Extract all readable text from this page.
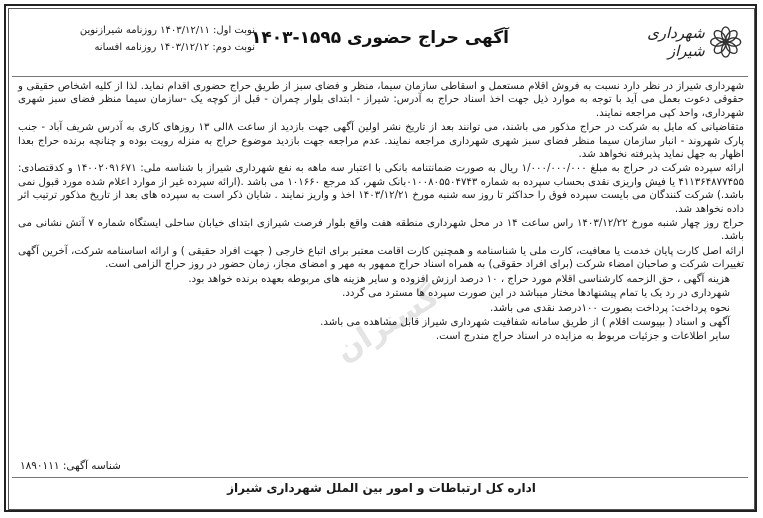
نوبت اول: ۱۴۰۳/۱۲/۱۱ روزنامه شیرازنوین
نوبت دوم: ۱۴۰۳/۱۲/۱۲ روزنامه افسانه	آگهی حراج حضوری ۱۵۹۵-۱۴۰۳	شهرداری شیراز
گستران

شهرداری شیراز در نظر دارد نسبت به فروش اقلام مستعمل و اسقاطی سازمان سیما، منظر و فضای سبز از طریق حراج حضوری اقدام نماید. لذا از کلیه اشخاص حقیقی و حقوقی دعوت بعمل می آید با توجه به موارد ذیل جهت اخذ اسناد حراج به آدرس: شیراز - ابتدای بلوار چمران - قبل از کوچه یک -سازمان سیما منظر فضای سبز شهری شهرداری، واحد کپی مراجعه نمایند.

متقاضیانی که مایل به شرکت در حراج مذکور می باشند، می توانند بعد از تاریخ نشر اولین آگهی جهت بازدید از ساعت ۸الی ۱۳ روزهای کاری به آدرس شریف آباد - جنب پارک شهروند - انبار سازمان سیما منظر فضای سبز شهری شهرداری مراجعه نمایند. عدم مراجعه جهت بازدید موضوع حراج به منزله رویت بوده و چنانچه برنده حراج بعدا اظهار به جهل نماید پذیرفته نخواهد شد.

ارائه سپرده شرکت در حراج به مبلغ ۱/۰۰۰/۰۰۰/۰۰۰ ریال به صورت ضمانتنامه بانکی با اعتبار سه ماهه به نفع شهرداری شیراز با شناسه ملی: ۱۴۰۰۲۰۹۱۶۷۱ و کدقتصادی: ۴۱۱۳۶۴۸۷۷۴۵۵ یا فیش واریزی نقدی بحساب سپرده به شماره ۰۱۰۰۸۰۵۵۰۴۷۴۳بانک شهر، کد مرجع ۱۰۱۶۶۰ می باشد .(ارائه سپرده غیر از موارد اعلام شده مورد قبول نمی باشد.) شرکت کنندگان می بایست سپرده فوق را حداکثر تا روز سه شنبه مورخ ۱۴۰۳/۱۲/۲۱ اخذ و واریز نمایند . شایان ذکر است به سپرده های بعد از تاریخ مذکور ترتیب اثر داده نخواهد شد.

حراج روز چهار شنبه مورخ ۱۴۰۳/۱۲/۲۲ راس ساعت ۱۴ در محل شهرداری منطقه هفت واقع بلوار فرصت شیرازی ابتدای خیابان ساحلی ایستگاه شماره ۷ آتش نشانی می باشد.

ارائه اصل کارت پایان خدمت یا معافیت، کارت ملی یا شناسنامه و همچنین کارت اقامت معتبر برای اتباع خارجی ( جهت افراد حقیقی ) و ارائه اساسنامه شرکت، آخرین آگهی تغییرات شرکت و صاحبان امضاء شرکت (برای افراد حقوقی) به همراه اسناد حراج ممهور به مهر و امضای مجاز، زمان حضور در روز حراج الزامی است.

هزینه آگهی ، حق الزحمه کارشناسی اقلام مورد حراج ، ۱۰ درصد ارزش افزوده و سایر هزینه های مربوطه بعهده برنده خواهد بود.

شهرداری در رد یک یا تمام پیشنهادها مختار میباشد در این صورت سپرده ها مسترد می گردد.

نحوه پرداخت: پرداخت بصورت ۱۰۰درصد نقدی می باشد.

آگهی و اسناد ( بپیوست اقلام ) از طریق سامانه شفافیت شهرداری شیراز قابل مشاهده می باشد.

سایر اطلاعات و جزئیات مربوط به مزایده در اسناد حراج مندرج است.

شناسه آگهی: ۱۸۹۰۱۱۱
اداره کل ارتباطات و امور بین الملل شهرداری شیراز
